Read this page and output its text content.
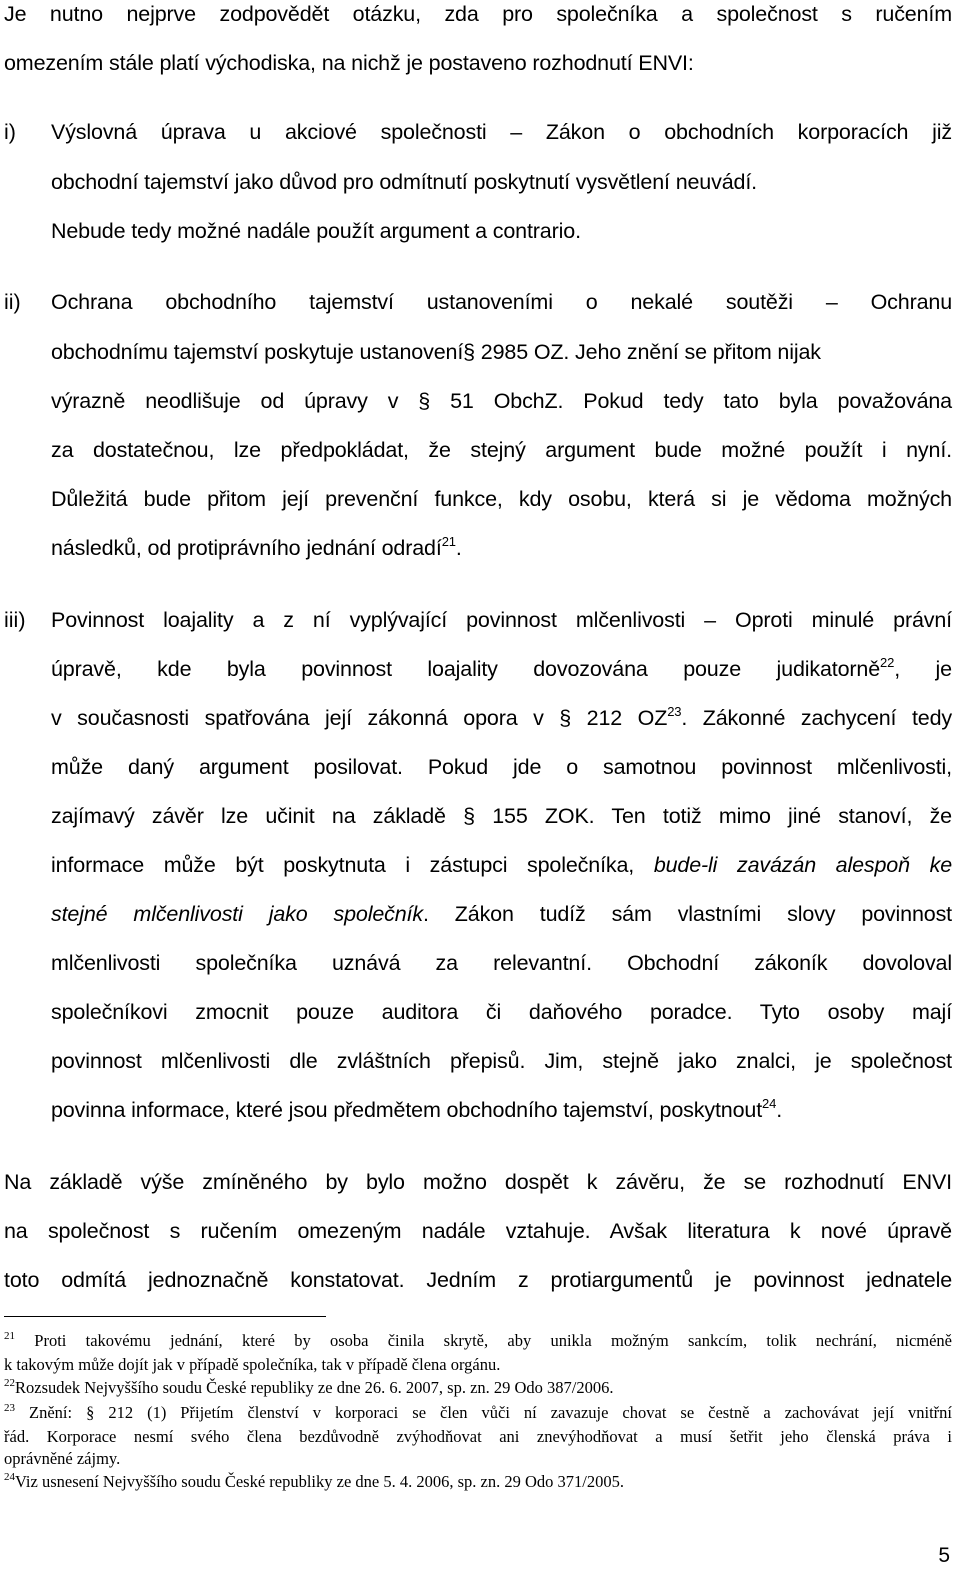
Je nutno nejprve zodpovědět otázku, zda pro společníka a společnost s ručením
omezením stále platí východiska, na nichž je postaveno rozhodnutí ENVI:
i) Výslovná úprava u akciové společnosti – Zákon o obchodních korporacích již
obchodní tajemství jako důvod pro odmítnutí poskytnutí vysvětlení neuvádí.
Nebude tedy možné nadále použít argument a contrario.
ii) Ochrana obchodního tajemství ustanoveními o nekalé soutěži – Ochranu
obchodnímu tajemství poskytuje ustanovení§ 2985 OZ. Jeho znění se přitom nijak
výrazně neodlišuje od úpravy v § 51 ObchZ. Pokud tedy tato byla považována
za dostatečnou, lze předpokládat, že stejný argument bude možné použít i nyní.
Důležitá bude přitom její prevenční funkce, kdy osobu, která si je vědoma možných
následků, od protiprávního jednání odradí$^{21}$.
iii) Povinnost loajality a z ní vyplývající povinnost mlčenlivosti – Oproti minulé právní
úpravě, kde byla povinnost loajality dovozována pouze judikatorně$^{22}$, je
v současnosti spatřována její zákonná opora v § 212 OZ$^{23}$. Zákonné zachycení tedy
může daný argument posilovat. Pokud jde o samotnou povinnost mlčenlivosti,
zajímavý závěr lze učinit na základě § 155 ZOK. Ten totiž mimo jiné stanoví, že
informace může být poskytnuta i zástupci společníka, bude-li zavázán alespoň ke
stejné mlčenlivosti jako společník. Zákon tudíž sám vlastními slovy povinnost
mlčenlivosti společníka uznává za relevantní. Obchodní zákoník dovoloval
společníkovi zmocnit pouze auditora či daňového poradce. Tyto osoby mají
povinnost mlčenlivosti dle zvláštních přepisů. Jim, stejně jako znalci, je společnost
povinna informace, které jsou předmětem obchodního tajemství, poskytnout$^{24}$.
Na základě výše zmíněného by bylo možno dospět k závěru, že se rozhodnutí ENVI
na společnost s ručením omezeným nadále vztahuje. Avšak literatura k nové úpravě
toto odmítá jednoznačně konstatovat. Jedním z protiargumentů je povinnost jednatele
$^{21}$ Proti takovému jednání, které by osoba činila skrytě, aby unikla možným sankcím, tolik nechrání, nicméně
k takovým může dojít jak v případě společníka, tak v případě člena orgánu.
$^{22}$Rozsudek Nejvyššího soudu České republiky ze dne 26. 6. 2007, sp. zn. 29 Odo 387/2006.
$^{23}$ Znění: § 212 (1) Přijetím členství v korporaci se člen vůči ní zavazuje chovat se čestně a zachovávat její vnitřní
řád. Korporace nesmí svého člena bezdůvodně zvýhodňovat ani znevýhodňovat a musí šetřit jeho členská práva i
oprávněné zájmy.
$^{24}$Viz usnesení Nejvyššího soudu České republiky ze dne 5. 4. 2006, sp. zn. 29 Odo 371/2005.
5
